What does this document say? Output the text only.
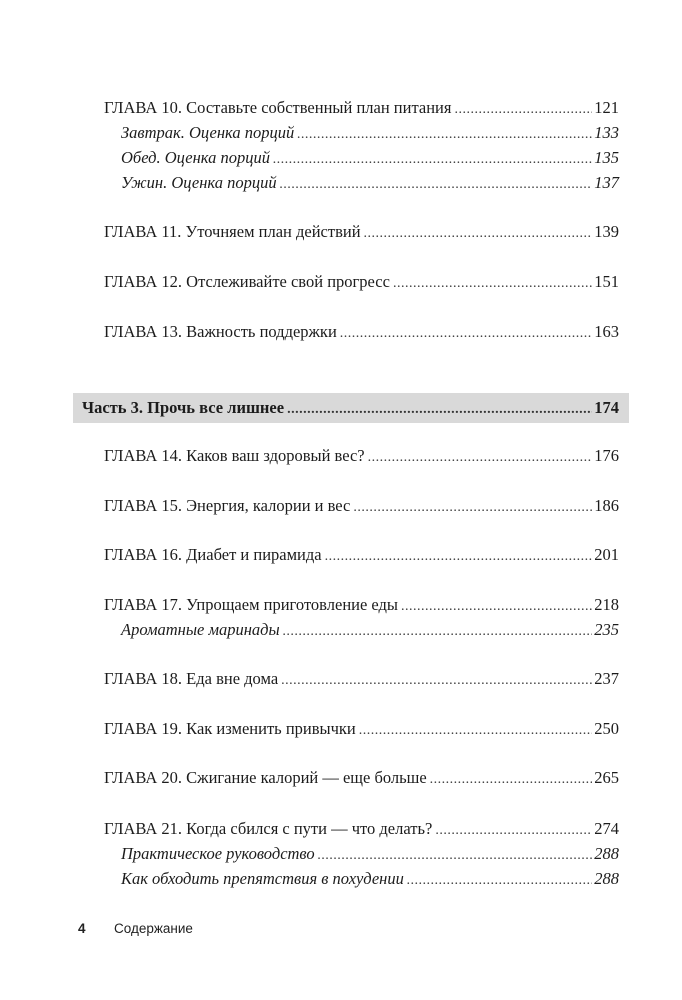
ГЛАВА 10. Составьте собственный план питания .....	121
Завтрак. Оценка порций .....	133
Обед. Оценка порций .....	135
Ужин. Оценка порций .....	137
ГЛАВА 11. Уточняем план действий .....	139
ГЛАВА 12. Отслеживайте свой прогресс .....	151
ГЛАВА 13. Важность поддержки .....	163
Часть 3. Прочь все лишнее .....	174
ГЛАВА 14. Каков ваш здоровый вес? .....	176
ГЛАВА 15. Энергия, калории и вес .....	186
ГЛАВА 16. Диабет и пирамида .....	201
ГЛАВА 17. Упрощаем приготовление еды .....	218
Ароматные маринады .....	235
ГЛАВА 18. Еда вне дома .....	237
ГЛАВА 19. Как изменить привычки .....	250
ГЛАВА 20. Сжигание калорий — еще больше .....	265
ГЛАВА 21. Когда сбился с пути — что делать? .....	274
Практическое руководство .....	288
Как обходить препятствия в похудении .....	288
4	Содержание
